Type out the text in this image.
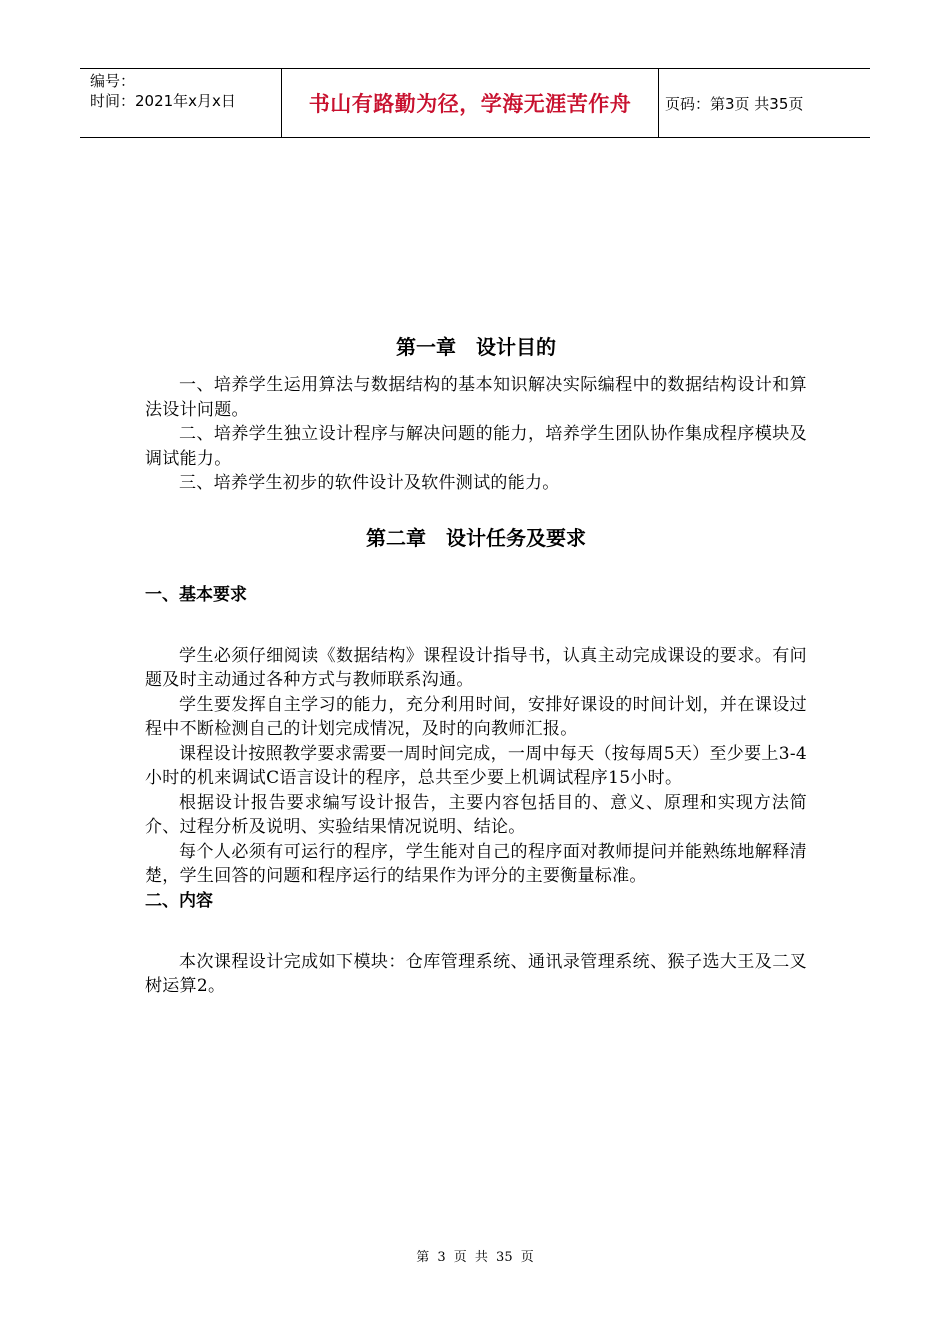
编号：
时间：2021年x月x日	书山有路勤为径，学海无涯苦作舟	页码：第3页 共35页
第一章　设计目的

一、培养学生运用算法与数据结构的基本知识解决实际编程中的数据结构设计和算法设计问题。

二、培养学生独立设计程序与解决问题的能力，培养学生团队协作集成程序模块及调试能力。

三、培养学生初步的软件设计及软件测试的能力。

第二章　设计任务及要求
一、基本要求

学生必须仔细阅读《数据结构》课程设计指导书，认真主动完成课设的要求。有问题及时主动通过各种方式与教师联系沟通。

学生要发挥自主学习的能力，充分利用时间，安排好课设的时间计划，并在课设过程中不断检测自己的计划完成情况，及时的向教师汇报。

课程设计按照教学要求需要一周时间完成，一周中每天（按每周5天）至少要上3-4小时的机来调试C语言设计的程序，总共至少要上机调试程序15小时。

根据设计报告要求编写设计报告，主要内容包括目的、意义、原理和实现方法简介、过程分析及说明、实验结果情况说明、结论。

每个人必须有可运行的程序，学生能对自己的程序面对教师提问并能熟练地解释清楚，学生回答的问题和程序运行的结果作为评分的主要衡量标准。

二、内容

本次课程设计完成如下模块：仓库管理系统、通讯录管理系统、猴子选大王及二叉树运算2。

第 3 页 共 35 页
